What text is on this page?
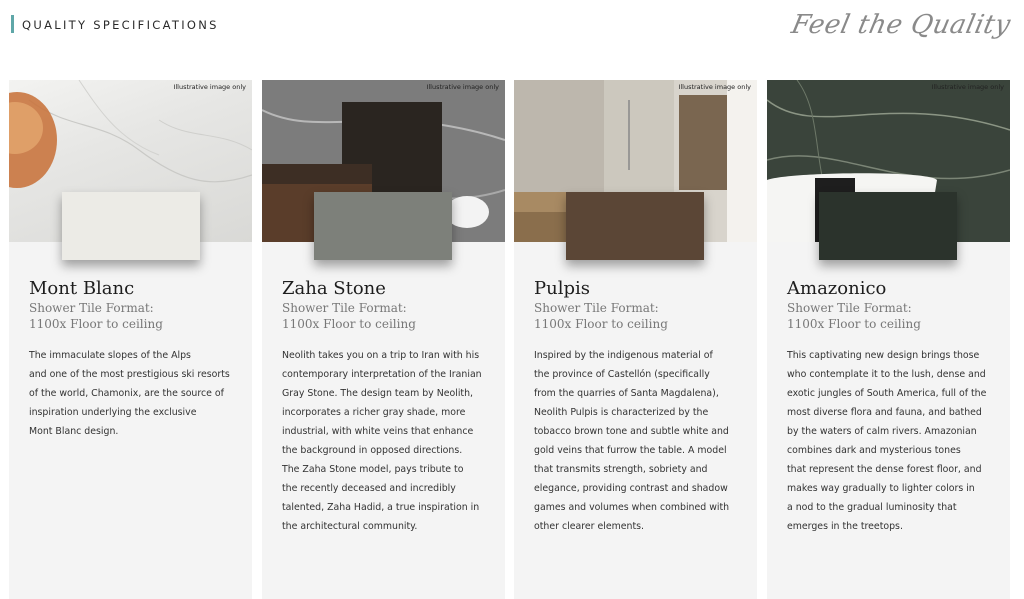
QUALITY SPECIFICATIONS	Feel the Quality
Illustrative image only
Mont Blanc
Shower Tile Format:
1100x Floor to ceiling
The immaculate slopes of the Alps
and one of the most prestigious ski resorts
of the world, Chamonix, are the source of
inspiration underlying the exclusive
Mont Blanc design.
Illustrative image only
Zaha Stone
Shower Tile Format:
1100x Floor to ceiling
Neolith takes you on a trip to Iran with his
contemporary interpretation of the Iranian
Gray Stone. The design team by Neolith,
incorporates a richer gray shade, more
industrial, with white veins that enhance
the background in opposed directions.
The Zaha Stone model, pays tribute to
the recently deceased and incredibly
talented, Zaha Hadid, a true inspiration in
the architectural community.
Illustrative image only
Pulpis
Shower Tile Format:
1100x Floor to ceiling
Inspired by the indigenous material of
the province of Castellón (specifically
from the quarries of Santa Magdalena),
Neolith Pulpis is characterized by the
tobacco brown tone and subtle white and
gold veins that furrow the table. A model
that transmits strength, sobriety and
elegance, providing contrast and shadow
games and volumes when combined with
other clearer elements.
Illustrative image only
Amazonico
Shower Tile Format:
1100x Floor to ceiling
This captivating new design brings those
who contemplate it to the lush, dense and
exotic jungles of South America, full of the
most diverse flora and fauna, and bathed
by the waters of calm rivers. Amazonian
combines dark and mysterious tones
that represent the dense forest floor, and
makes way gradually to lighter colors in
a nod to the gradual luminosity that
emerges in the treetops.
